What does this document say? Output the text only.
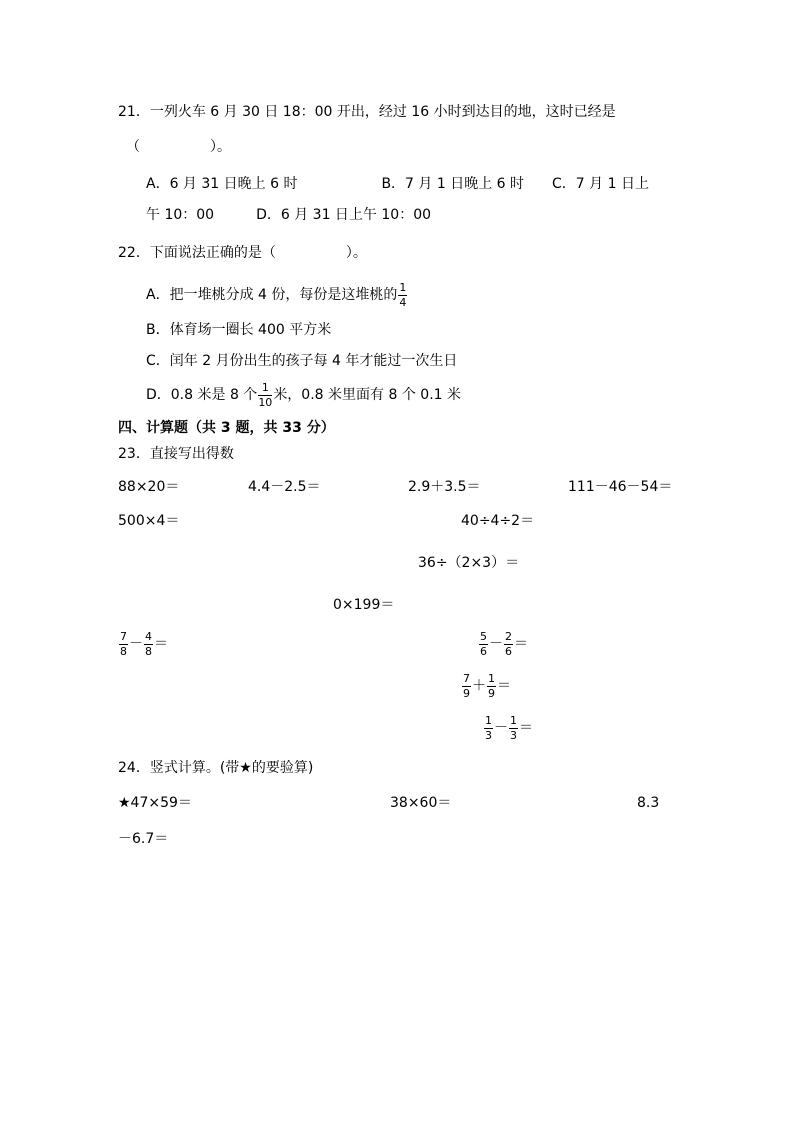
21．一列火车 6 月 30 日 18：00 开出，经过 16 小时到达目的地，这时已经是
（　　　　　）。
A．6 月 31 日晚上 6 时　　　　　　B．7 月 1 日晚上 6 时　　C．7 月 1 日上
午 10：00　　　D．6 月 31 日上午 10：00
22．下面说法正确的是（　　　　　）。
A．把一堆桃分成 4 份，每份是这堆桃的 $\frac{1}{4}$
B．体育场一圈长 400 平方米
C．闰年 2 月份出生的孩子每 4 年才能过一次生日
D．0.8 米是 8 个 $\frac{1}{10}$ 米，0.8 米里面有 8 个 0.1 米
四、计算题（共 3 题，共 33 分）
23．直接写出得数
88×20＝	4.4－2.5＝	2.9＋3.5＝	111－46－54＝
500×4＝	40÷4÷2＝
36÷（2×3）＝
0×199＝
$\frac{7}{8} - \frac{4}{8}$ ＝	$\frac{5}{6} - \frac{2}{6}$ ＝
$\frac{7}{9} + \frac{1}{9}$ ＝
$\frac{1}{3} - \frac{1}{3}$ ＝
24．竖式计算。(带★的要验算)
★47×59＝	38×60＝	8.3
－6.7＝
